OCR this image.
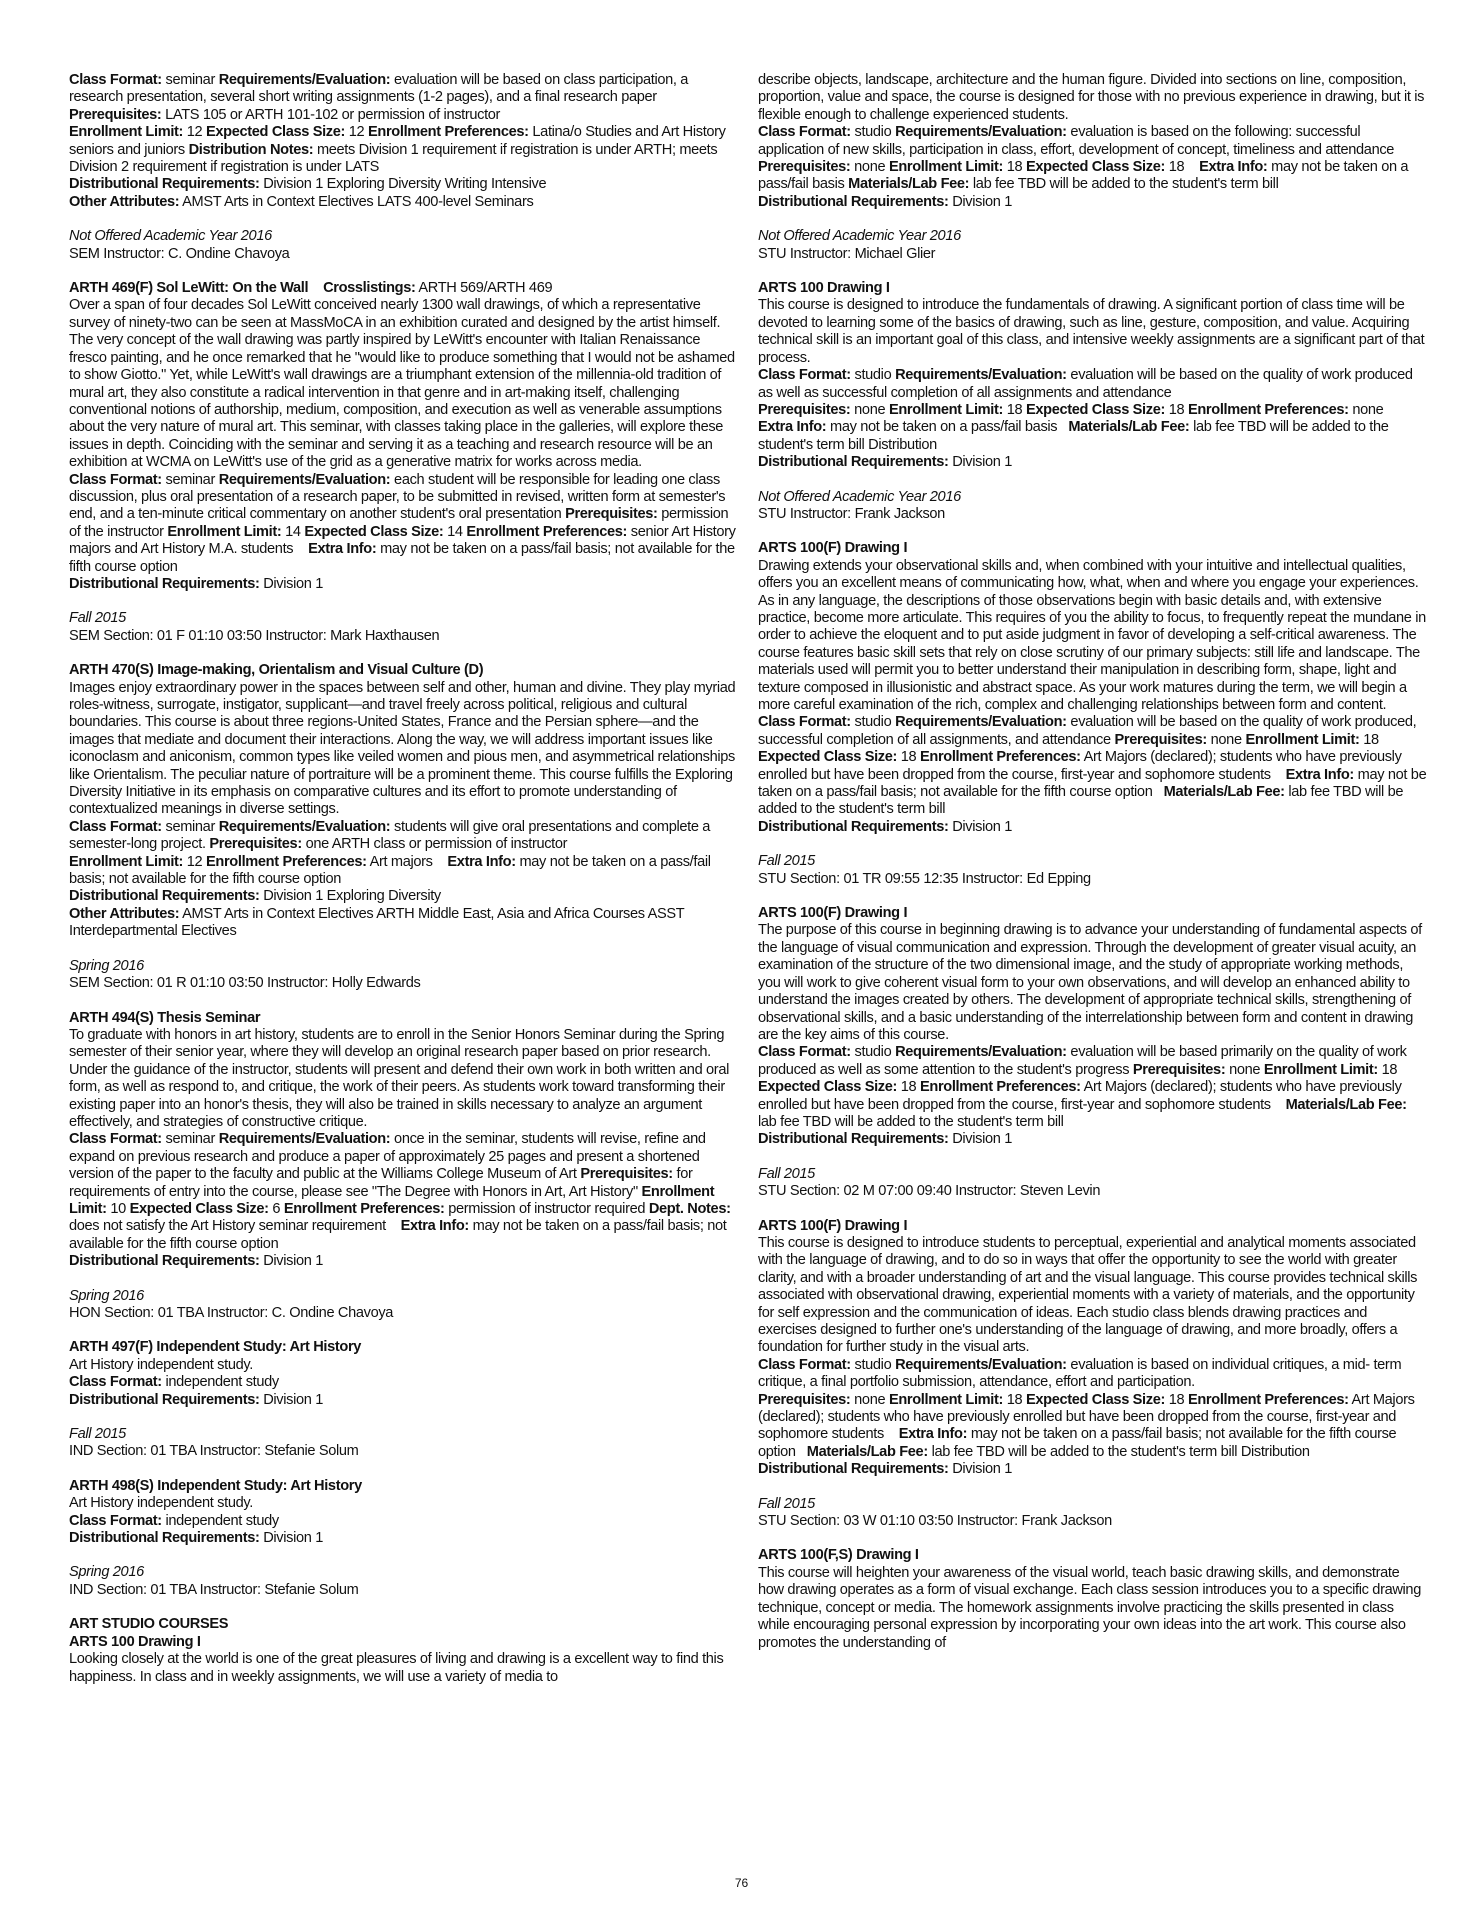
Class Format: seminar Requirements/Evaluation: evaluation will be based on class participation, a research presentation, several short writing assignments (1-2 pages), and a final research paper Prerequisites: LATS 105 or ARTH 101-102 or permission of instructor
Enrollment Limit: 12 Expected Class Size: 12 Enrollment Preferences: Latina/o Studies and Art History seniors and juniors Distribution Notes: meets Division 1 requirement if registration is under ARTH; meets Division 2 requirement if registration is under LATS
Distributional Requirements: Division 1 Exploring Diversity Writing Intensive
Other Attributes: AMST Arts in Context Electives LATS 400-level Seminars

Not Offered Academic Year 2016
SEM Instructor: C. Ondine Chavoya
ARTH 469(F) Sol LeWitt: On the Wall Crosslistings: ARTH 569/ARTH 469

Over a span of four decades Sol LeWitt conceived nearly 1300 wall drawings, of which a representative survey of ninety-two can be seen at MassMoCA in an exhibition curated and designed by the artist himself. The very concept of the wall drawing was partly inspired by LeWitt's encounter with Italian Renaissance fresco painting, and he once remarked that he "would like to produce something that I would not be ashamed to show Giotto." Yet, while LeWitt's wall drawings are a triumphant extension of the millennia-old tradition of mural art, they also constitute a radical intervention in that genre and in art-making itself, challenging conventional notions of authorship, medium, composition, and execution as well as venerable assumptions about the very nature of mural art. This seminar, with classes taking place in the galleries, will explore these issues in depth. Coinciding with the seminar and serving it as a teaching and research resource will be an exhibition at WCMA on LeWitt's use of the grid as a generative matrix for works across media.

Class Format: seminar Requirements/Evaluation: each student will be responsible for leading one class discussion, plus oral presentation of a research paper, to be submitted in revised, written form at semester's end, and a ten-minute critical commentary on another student's oral presentation Prerequisites: permission of the instructor Enrollment Limit: 14 Expected Class Size: 14 Enrollment Preferences: senior Art History majors and Art History M.A. students Extra Info: may not be taken on a pass/fail basis; not available for the fifth course option
Distributional Requirements: Division 1

Fall 2015
SEM Section: 01 F 01:10 03:50 Instructor: Mark Haxthausen
ARTH 470(S) Image-making, Orientalism and Visual Culture (D)

Images enjoy extraordinary power in the spaces between self and other, human and divine. They play myriad roles-witness, surrogate, instigator, supplicant—and travel freely across political, religious and cultural boundaries. This course is about three regions-United States, France and the Persian sphere—and the images that mediate and document their interactions. Along the way, we will address important issues like iconoclasm and aniconism, common types like veiled women and pious men, and asymmetrical relationships like Orientalism. The peculiar nature of portraiture will be a prominent theme. This course fulfills the Exploring Diversity Initiative in its emphasis on comparative cultures and its effort to promote understanding of contextualized meanings in diverse settings.

Class Format: seminar Requirements/Evaluation: students will give oral presentations and complete a semester-long project. Prerequisites: one ARTH class or permission of instructor
Enrollment Limit: 12 Enrollment Preferences: Art majors Extra Info: may not be taken on a pass/fail basis; not available for the fifth course option
Distributional Requirements: Division 1 Exploring Diversity
Other Attributes: AMST Arts in Context Electives ARTH Middle East, Asia and Africa Courses ASST Interdepartmental Electives

Spring 2016
SEM Section: 01 R 01:10 03:50 Instructor: Holly Edwards
ARTH 494(S) Thesis Seminar

To graduate with honors in art history, students are to enroll in the Senior Honors Seminar during the Spring semester of their senior year, where they will develop an original research paper based on prior research. Under the guidance of the instructor, students will present and defend their own work in both written and oral form, as well as respond to, and critique, the work of their peers. As students work toward transforming their existing paper into an honor's thesis, they will also be trained in skills necessary to analyze an argument effectively, and strategies of constructive critique.

Class Format: seminar Requirements/Evaluation: once in the seminar, students will revise, refine and expand on previous research and produce a paper of approximately 25 pages and present a shortened version of the paper to the faculty and public at the Williams College Museum of Art Prerequisites: for requirements of entry into the course, please see "The Degree with Honors in Art, Art History" Enrollment Limit: 10 Expected Class Size: 6 Enrollment Preferences: permission of instructor required Dept. Notes: does not satisfy the Art History seminar requirement Extra Info: may not be taken on a pass/fail basis; not available for the fifth course option
Distributional Requirements: Division 1

Spring 2016
HON Section: 01 TBA Instructor: C. Ondine Chavoya
ARTH 497(F) Independent Study: Art History

Art History independent study.

Class Format: independent study
Distributional Requirements: Division 1
Fall 2015
IND Section: 01 TBA Instructor: Stefanie Solum
ARTH 498(S) Independent Study: Art History

Art History independent study.

Class Format: independent study
Distributional Requirements: Division 1
Spring 2016
IND Section: 01 TBA Instructor: Stefanie Solum
ART STUDIO COURSES
ARTS 100 Drawing I

Looking closely at the world is one of the great pleasures of living and drawing is a excellent way to find this happiness. In class and in weekly assignments, we will use a variety of media to

describe objects, landscape, architecture and the human figure. Divided into sections on line, composition, proportion, value and space, the course is designed for those with no previous experience in drawing, but it is flexible enough to challenge experienced students.

Class Format: studio Requirements/Evaluation: evaluation is based on the following: successful application of new skills, participation in class, effort, development of concept, timeliness and attendance Prerequisites: none Enrollment Limit: 18 Expected Class Size: 18 Extra Info: may not be taken on a pass/fail basis Materials/Lab Fee: lab fee TBD will be added to the student's term bill
Distributional Requirements: Division 1

Not Offered Academic Year 2016
STU Instructor: Michael Glier
ARTS 100 Drawing I

This course is designed to introduce the fundamentals of drawing. A significant portion of class time will be devoted to learning some of the basics of drawing, such as line, gesture, composition, and value. Acquiring technical skill is an important goal of this class, and intensive weekly assignments are a significant part of that process.

Class Format: studio Requirements/Evaluation: evaluation will be based on the quality of work produced as well as successful completion of all assignments and attendance
Prerequisites: none Enrollment Limit: 18 Expected Class Size: 18 Enrollment Preferences: none    Extra Info: may not be taken on a pass/fail basis Materials/Lab Fee: lab fee TBD will be added to the student's term bill Distribution
Distributional Requirements: Division 1

Not Offered Academic Year 2016
STU Instructor: Frank Jackson
ARTS 100(F) Drawing I

Drawing extends your observational skills and, when combined with your intuitive and intellectual qualities, offers you an excellent means of communicating how, what, when and where you engage your experiences. As in any language, the descriptions of those observations begin with basic details and, with extensive practice, become more articulate. This requires of you the ability to focus, to frequently repeat the mundane in order to achieve the eloquent and to put aside judgment in favor of developing a self-critical awareness. The course features basic skill sets that rely on close scrutiny of our primary subjects: still life and landscape. The materials used will permit you to better understand their manipulation in describing form, shape, light and texture composed in illusionistic and abstract space. As your work matures during the term, we will begin a more careful examination of the rich, complex and challenging relationships between form and content.

Class Format: studio Requirements/Evaluation: evaluation will be based on the quality of work produced, successful completion of all assignments, and attendance Prerequisites: none Enrollment Limit: 18 Expected Class Size: 18 Enrollment Preferences: Art Majors (declared); students who have previously enrolled but have been dropped from the course, first-year and sophomore students Extra Info: may not be taken on a pass/fail basis; not available for the fifth course option Materials/Lab Fee: lab fee TBD will be added to the student's term bill
Distributional Requirements: Division 1

Fall 2015
STU Section: 01 TR 09:55 12:35 Instructor: Ed Epping
ARTS 100(F) Drawing I

The purpose of this course in beginning drawing is to advance your understanding of fundamental aspects of the language of visual communication and expression. Through the development of greater visual acuity, an examination of the structure of the two dimensional image, and the study of appropriate working methods, you will work to give coherent visual form to your own observations, and will develop an enhanced ability to understand the images created by others. The development of appropriate technical skills, strengthening of observational skills, and a basic understanding of the interrelationship between form and content in drawing are the key aims of this course.

Class Format: studio Requirements/Evaluation: evaluation will be based primarily on the quality of work produced as well as some attention to the student's progress Prerequisites: none Enrollment Limit: 18 Expected Class Size: 18 Enrollment Preferences: Art Majors (declared); students who have previously enrolled but have been dropped from the course, first-year and sophomore students Materials/Lab Fee: lab fee TBD will be added to the student's term bill
Distributional Requirements: Division 1

Fall 2015
STU Section: 02 M 07:00 09:40 Instructor: Steven Levin
ARTS 100(F) Drawing I

This course is designed to introduce students to perceptual, experiential and analytical moments associated with the language of drawing, and to do so in ways that offer the opportunity to see the world with greater clarity, and with a broader understanding of art and the visual language. This course provides technical skills associated with observational drawing, experiential moments with a variety of materials, and the opportunity for self expression and the communication of ideas. Each studio class blends drawing practices and exercises designed to further one's understanding of the language of drawing, and more broadly, offers a foundation for further study in the visual arts.

Class Format: studio Requirements/Evaluation: evaluation is based on individual critiques, a mid- term critique, a final portfolio submission, attendance, effort and participation.
Prerequisites: none Enrollment Limit: 18 Expected Class Size: 18 Enrollment Preferences: Art Majors (declared); students who have previously enrolled but have been dropped from the course, first-year and sophomore students Extra Info: may not be taken on a pass/fail basis; not available for the fifth course option Materials/Lab Fee: lab fee TBD will be added to the student's term bill Distribution
Distributional Requirements: Division 1

Fall 2015
STU Section: 03 W 01:10 03:50 Instructor: Frank Jackson
ARTS 100(F,S) Drawing I

This course will heighten your awareness of the visual world, teach basic drawing skills, and demonstrate how drawing operates as a form of visual exchange. Each class session introduces you to a specific drawing technique, concept or media. The homework assignments involve practicing the skills presented in class while encouraging personal expression by incorporating your own ideas into the art work. This course also promotes the understanding of

76
